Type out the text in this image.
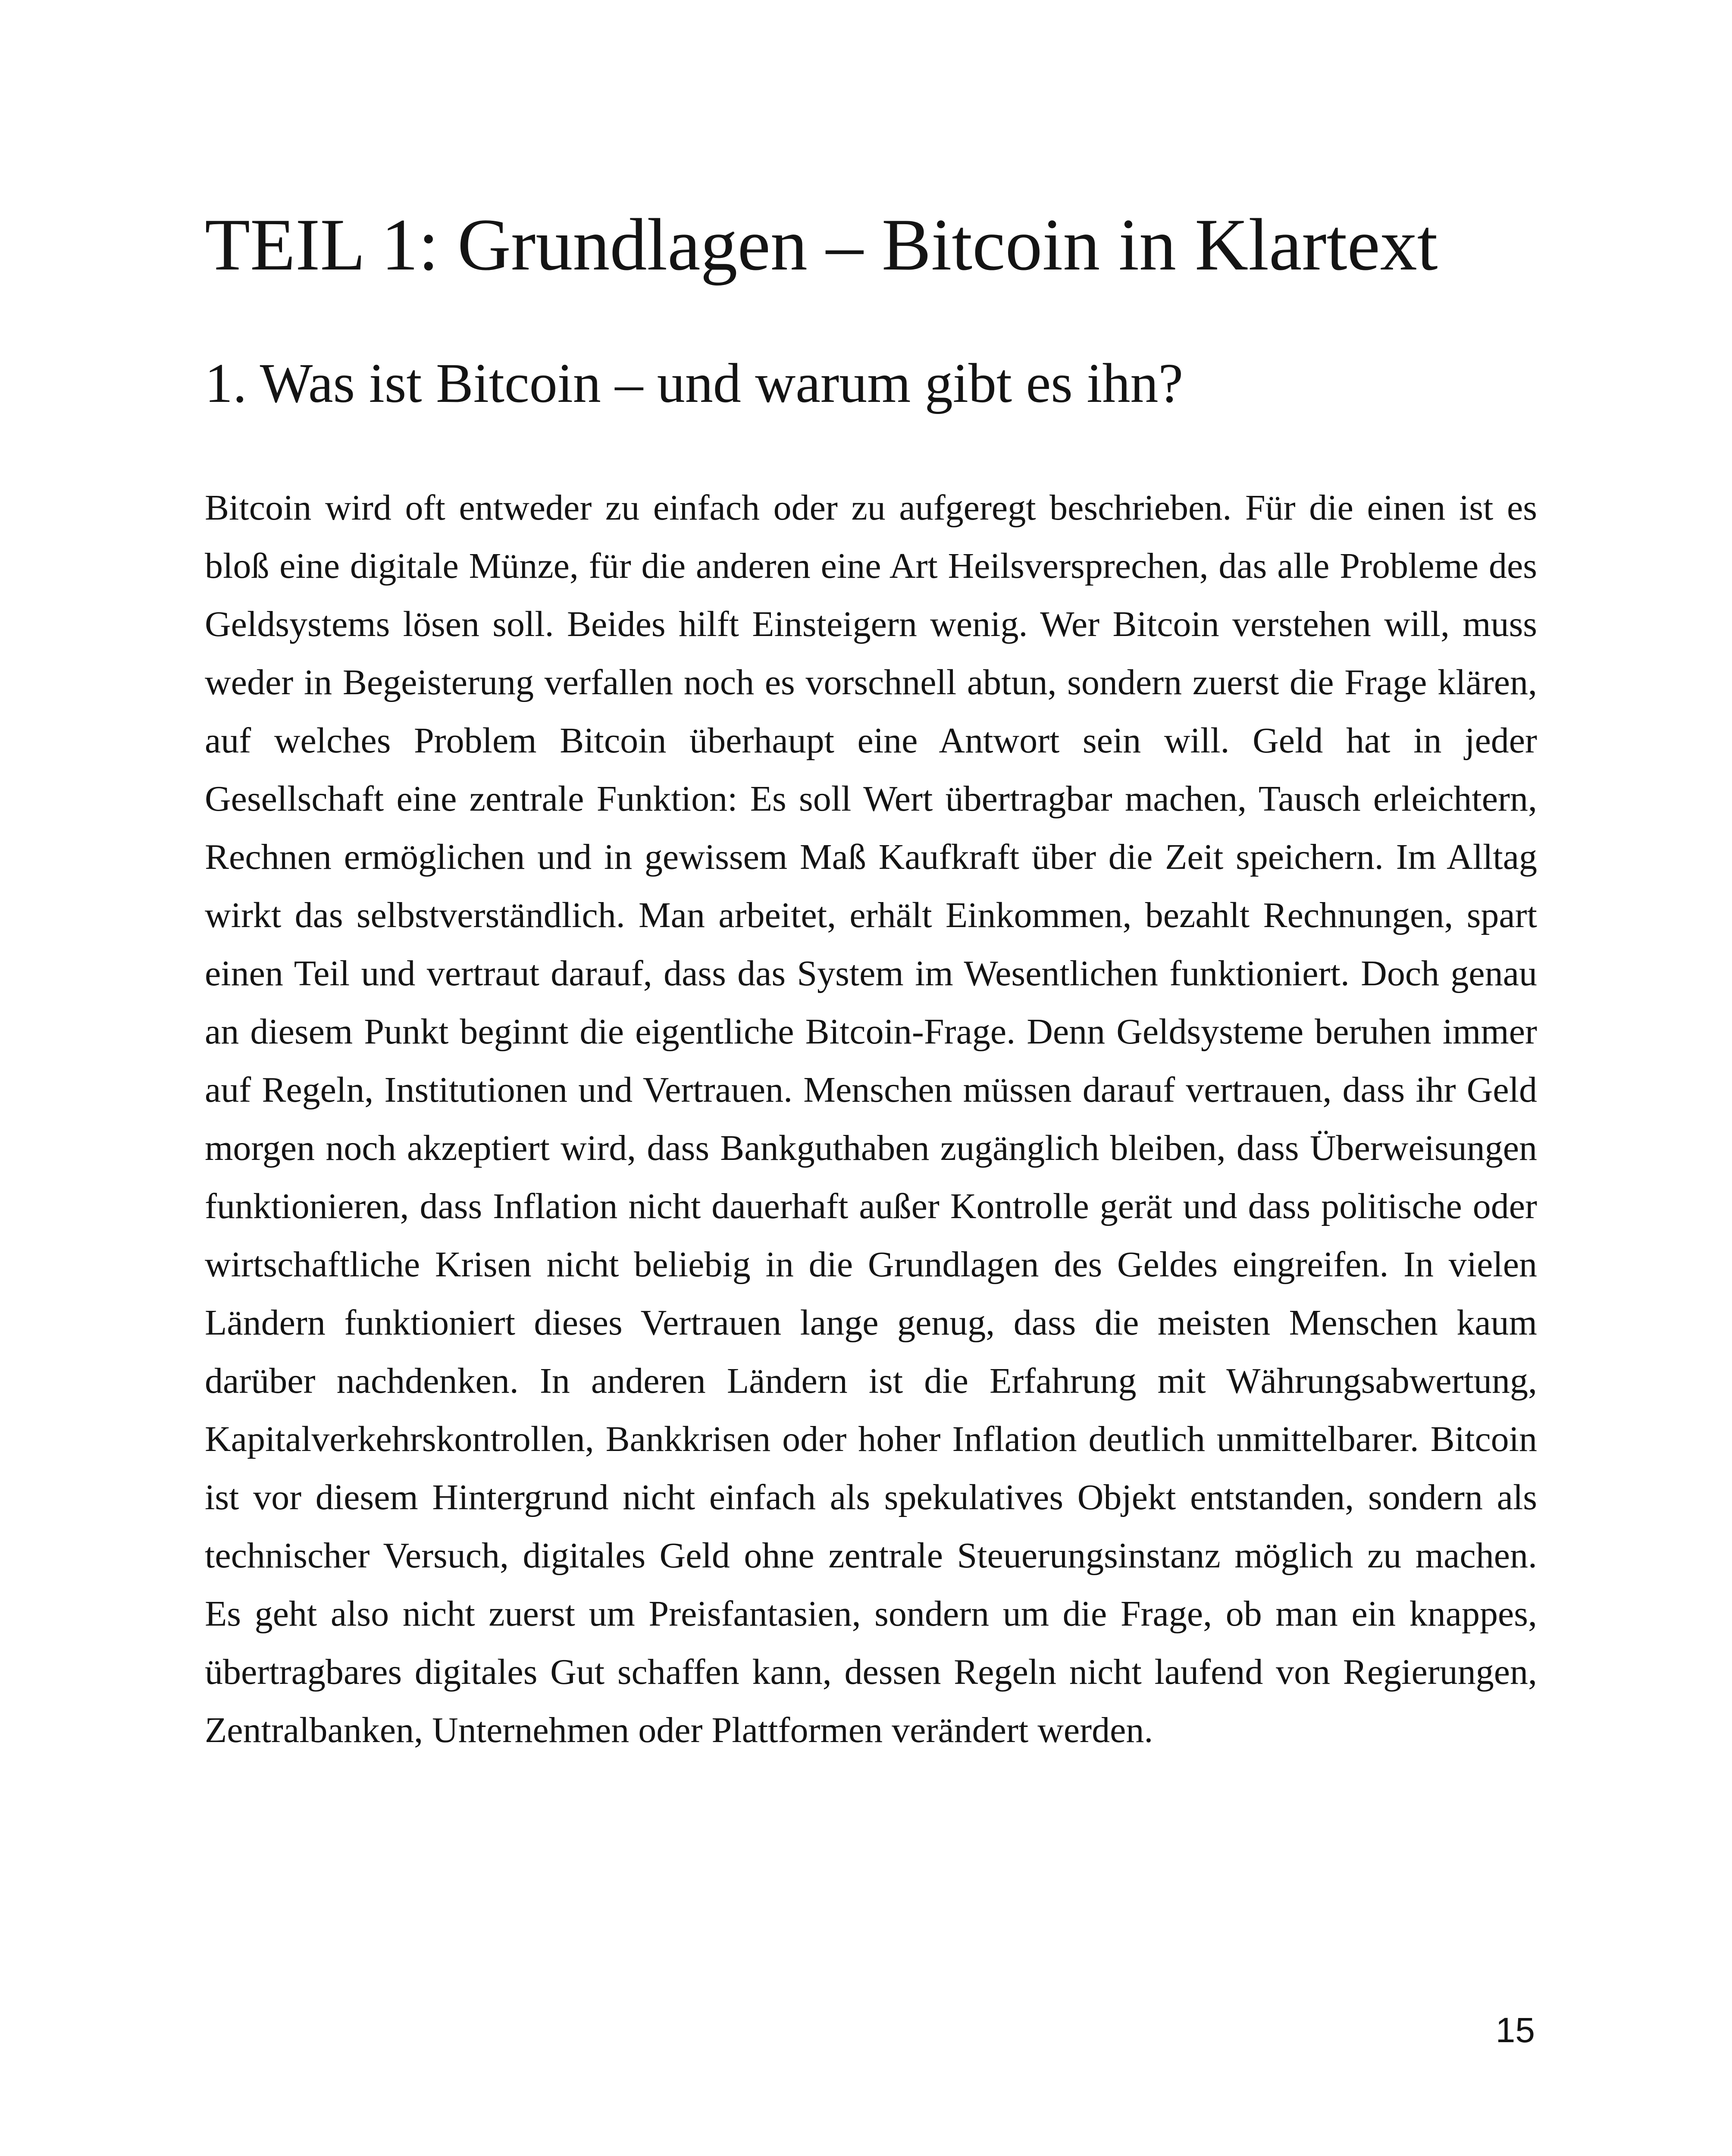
TEIL 1: Grundlagen – Bitcoin in Klartext
1. Was ist Bitcoin – und warum gibt es ihn?

Bitcoin wird oft entweder zu einfach oder zu aufgeregt beschrieben. Für die einen ist es bloß eine digitale Münze, für die anderen eine Art Heilsversprechen, das alle Probleme des Geldsystems lösen soll. Beides hilft Einsteigern wenig. Wer Bitcoin verstehen will, muss weder in Begeisterung verfallen noch es vorschnell abtun, sondern zuerst die Frage klären, auf welches Problem Bitcoin überhaupt eine Antwort sein will. Geld hat in jeder Gesellschaft eine zentrale Funktion: Es soll Wert übertragbar machen, Tausch erleichtern, Rechnen ermöglichen und in gewissem Maß Kaufkraft über die Zeit speichern. Im Alltag wirkt das selbstverständlich. Man arbeitet, erhält Einkommen, bezahlt Rechnungen, spart einen Teil und vertraut darauf, dass das System im Wesentlichen funktioniert. Doch genau an diesem Punkt beginnt die eigentliche Bitcoin-Frage. Denn Geldsysteme beruhen immer auf Regeln, Institutionen und Vertrauen. Menschen müssen darauf vertrauen, dass ihr Geld morgen noch akzeptiert wird, dass Bankguthaben zugänglich bleiben, dass Überweisungen funktionieren, dass Inflation nicht dauerhaft außer Kontrolle gerät und dass politische oder wirtschaftliche Krisen nicht beliebig in die Grundlagen des Geldes eingreifen. In vielen Ländern funktioniert dieses Vertrauen lange genug, dass die meisten Menschen kaum darüber nachdenken. In anderen Ländern ist die Erfahrung mit Währungsabwertung, Kapitalverkehrskontrollen, Bankkrisen oder hoher Inflation deutlich unmittelbarer. Bitcoin ist vor diesem Hintergrund nicht einfach als spekulatives Objekt entstanden, sondern als technischer Versuch, digitales Geld ohne zentrale Steuerungsinstanz möglich zu machen. Es geht also nicht zuerst um Preisfantasien, sondern um die Frage, ob man ein knappes, übertragbares digitales Gut schaffen kann, dessen Regeln nicht laufend von Regierungen, Zentralbanken, Unternehmen oder Plattformen verändert werden.

15
